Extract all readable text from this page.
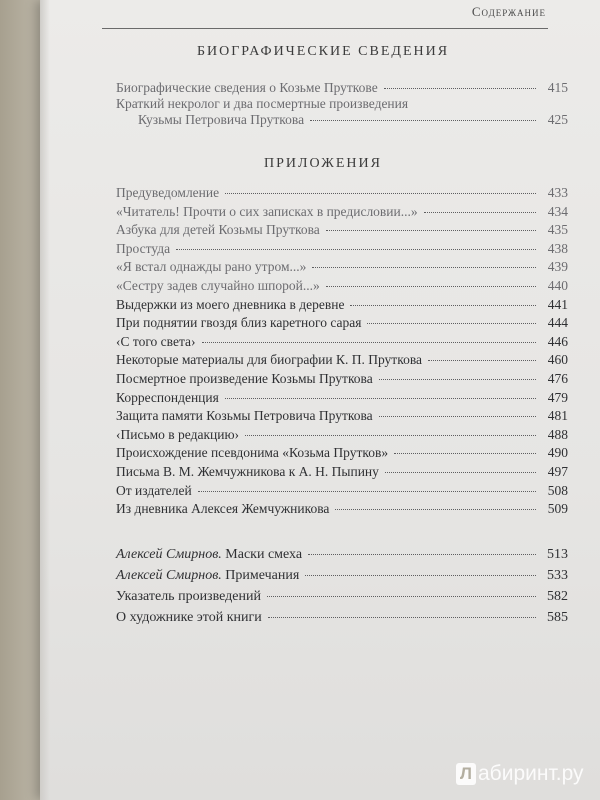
Содержание
БИОГРАФИЧЕСКИЕ СВЕДЕНИЯ
Биографические сведения о Козьме Пруткове	415
Краткий некролог и два посмертные произведения
Кузьмы Петровича Пруткова	425
ПРИЛОЖЕНИЯ
Предуведомление	433
«Читатель! Прочти о сих записках в предисловии...»	434
Азбука для детей Козьмы Пруткова	435
Простуда	438
«Я встал однажды рано утром...»	439
«Сестру задев случайно шпорой...»	440
Выдержки из моего дневника в деревне	441
При поднятии гвоздя близ каретного сарая	444
‹С того света›	446
Некоторые материалы для биографии К. П. Пруткова	460
Посмертное произведение Козьмы Пруткова	476
Корреспонденция	479
Защита памяти Козьмы Петровича Пруткова	481
‹Письмо в редакцию›	488
Происхождение псевдонима «Козьма Прутков»	490
Письма В. М. Жемчужникова к А. Н. Пыпину	497
От издателей	508
Из дневника Алексея Жемчужникова	509
Алексей Смирнов. Маски смеха	513
Алексей Смирнов. Примечания	533
Указатель произведений	582
О художнике этой книги	585
Л абиринт.ру
